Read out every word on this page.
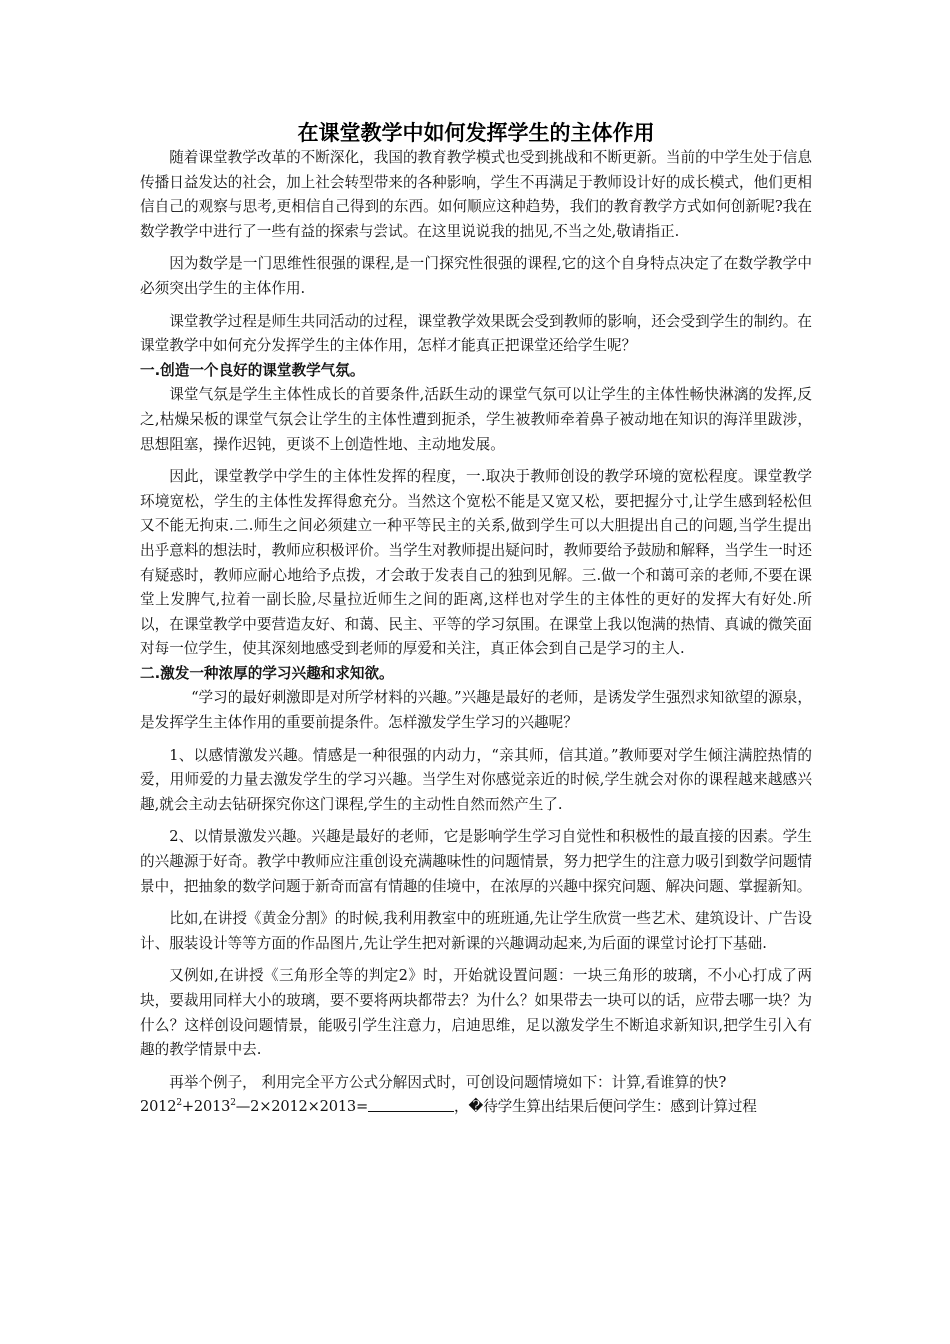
在课堂教学中如何发挥学生的主体作用

随着课堂教学改革的不断深化，我国的教育教学模式也受到挑战和不断更新。当前的中学生处于信息传播日益发达的社会，加上社会转型带来的各种影响，学生不再满足于教师设计好的成长模式，他们更相信自己的观察与思考,更相信自己得到的东西。如何顺应这种趋势，我们的教育教学方式如何创新呢?我在数学教学中进行了一些有益的探索与尝试。在这里说说我的拙见,不当之处,敬请指正.

因为数学是一门思维性很强的课程,是一门探究性很强的课程,它的这个自身特点决定了在数学教学中必须突出学生的主体作用.

课堂教学过程是师生共同活动的过程，课堂教学效果既会受到教师的影响，还会受到学生的制约。在课堂教学中如何充分发挥学生的主体作用，怎样才能真正把课堂还给学生呢？

一.创造一个良好的课堂教学气氛。

课堂气氛是学生主体性成长的首要条件,活跃生动的课堂气氛可以让学生的主体性畅快淋漓的发挥,反之,枯燥呆板的课堂气氛会让学生的主体性遭到扼杀，学生被教师牵着鼻子被动地在知识的海洋里跋涉，思想阻塞，操作迟钝，更谈不上创造性地、主动地发展。

因此，课堂教学中学生的主体性发挥的程度，一.取决于教师创设的教学环境的宽松程度。课堂教学环境宽松，学生的主体性发挥得愈充分。当然这个宽松不能是又宽又松，要把握分寸,让学生感到轻松但又不能无拘束.二.师生之间必须建立一种平等民主的关系,做到学生可以大胆提出自己的问题,当学生提出出乎意料的想法时，教师应积极评价。当学生对教师提出疑问时，教师要给予鼓励和解释，当学生一时还有疑惑时，教师应耐心地给予点拨，才会敢于发表自己的独到见解。三.做一个和蔼可亲的老师,不要在课堂上发脾气,拉着一副长脸,尽量拉近师生之间的距离,这样也对学生的主体性的更好的发挥大有好处.所以，在课堂教学中要营造友好、和蔼、民主、平等的学习氛围。在课堂上我以饱满的热情、真诚的微笑面对每一位学生，使其深刻地感受到老师的厚爱和关注，真正体会到自己是学习的主人.

二.激发一种浓厚的学习兴趣和求知欲。

“学习的最好刺激即是对所学材料的兴趣。”兴趣是最好的老师，是诱发学生强烈求知欲望的源泉，是发挥学生主体作用的重要前提条件。怎样激发学生学习的兴趣呢？

1、以感情激发兴趣。情感是一种很强的内动力，“亲其师，信其道。”教师要对学生倾注满腔热情的爱，用师爱的力量去激发学生的学习兴趣。当学生对你感觉亲近的时候,学生就会对你的课程越来越感兴趣,就会主动去钻研探究你这门课程,学生的主动性自然而然产生了.

2、以情景激发兴趣。兴趣是最好的老师，它是影响学生学习自觉性和积极性的最直接的因素。学生的兴趣源于好奇。教学中教师应注重创设充满趣味性的问题情景，努力把学生的注意力吸引到数学问题情景中，把抽象的数学问题于新奇而富有情趣的佳境中，在浓厚的兴趣中探究问题、解决问题、掌握新知。

比如,在讲授《黄金分割》的时候,我利用教室中的班班通,先让学生欣赏一些艺术、建筑设计、广告设计、服装设计等等方面的作品图片,先让学生把对新课的兴趣调动起来,为后面的课堂讨论打下基础.

又例如,在讲授《三角形全等的判定2》时，开始就设置问题：一块三角形的玻璃，不小心打成了两块，要裁用同样大小的玻璃，要不要将两块都带去？为什么？如果带去一块可以的话，应带去哪一块？为什么？这样创设问题情景，能吸引学生注意力，启迪思维，足以激发学生不断追求新知识,把学生引入有趣的教学情景中去.

再举个例子， 利用完全平方公式分解因式时，可创设问题情境如下：计算,看谁算的快?

$2012^2+2013^2—2\times 2012\times 2013=$	，�待学生算出结果后便问学生：感到计算过程
